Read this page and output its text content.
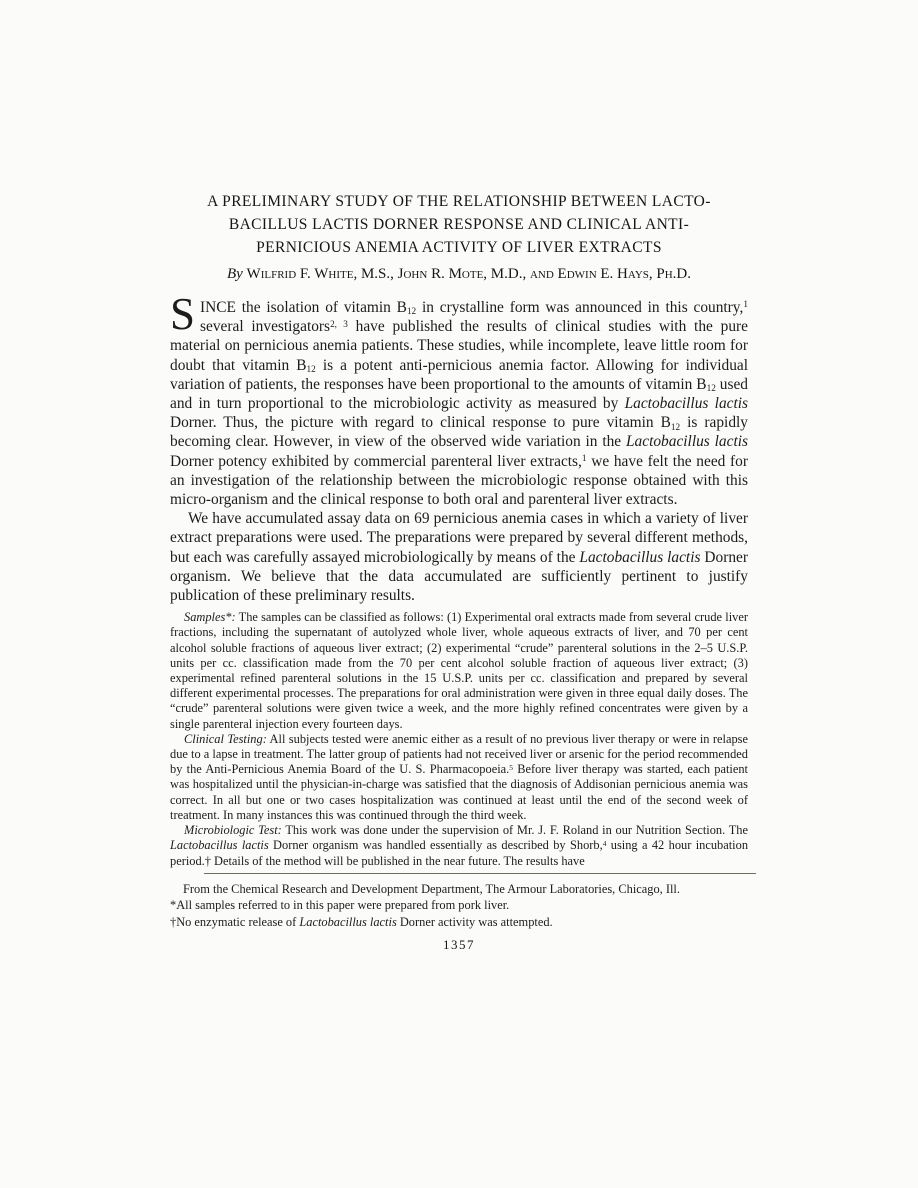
A PRELIMINARY STUDY OF THE RELATIONSHIP BETWEEN LACTO-
BACILLUS LACTIS DORNER RESPONSE AND CLINICAL ANTI-
PERNICIOUS ANEMIA ACTIVITY OF LIVER EXTRACTS
By Wilfrid F. White, M.S., John R. Mote, M.D., and Edwin E. Hays, Ph.D.

SINCE the isolation of vitamin $B_{12}$ in crystalline form was announced in this country,$^1$ several investigators$^{2, 3}$ have published the results of clinical studies with the pure material on pernicious anemia patients. These studies, while incomplete, leave little room for doubt that vitamin $B_{12}$ is a potent anti-pernicious anemia factor. Allowing for individual variation of patients, the responses have been proportional to the amounts of vitamin $B_{12}$ used and in turn proportional to the microbiologic activity as measured by Lactobacillus lactis Dorner. Thus, the picture with regard to clinical response to pure vitamin $B_{12}$ is rapidly becoming clear. However, in view of the observed wide variation in the Lactobacillus lactis Dorner potency exhibited by commercial parenteral liver extracts,$^1$ we have felt the need for an investigation of the relationship between the microbiologic response obtained with this micro-organism and the clinical response to both oral and parenteral liver extracts.

We have accumulated assay data on 69 pernicious anemia cases in which a variety of liver extract preparations were used. The preparations were prepared by several different methods, but each was carefully assayed microbiologically by means of the Lactobacillus lactis Dorner organism. We believe that the data accumulated are sufficiently pertinent to justify publication of these preliminary results.

Samples*: The samples can be classified as follows: (1) Experimental oral extracts made from several crude liver fractions, including the supernatant of autolyzed whole liver, whole aqueous extracts of liver, and 70 per cent alcohol soluble fractions of aqueous liver extract; (2) experimental “crude” parenteral solutions in the 2–5 U.S.P. units per cc. classification made from the 70 per cent alcohol soluble fraction of aqueous liver extract; (3) experimental refined parenteral solutions in the 15 U.S.P. units per cc. classification and prepared by several different experimental processes. The preparations for oral administration were given in three equal daily doses. The “crude” parenteral solutions were given twice a week, and the more highly refined concentrates were given by a single parenteral injection every fourteen days.

Clinical Testing: All subjects tested were anemic either as a result of no previous liver therapy or were in relapse due to a lapse in treatment. The latter group of patients had not received liver or arsenic for the period recommended by the Anti-Pernicious Anemia Board of the U. S. Pharmacopoeia.$^5$ Before liver therapy was started, each patient was hospitalized until the physician-in-charge was satisfied that the diagnosis of Addisonian pernicious anemia was correct. In all but one or two cases hospitalization was continued at least until the end of the second week of treatment. In many instances this was continued through the third week.

Microbiologic Test: This work was done under the supervision of Mr. J. F. Roland in our Nutrition Section. The Lactobacillus lactis Dorner organism was handled essentially as described by Shorb,$^4$ using a 42 hour incubation period.† Details of the method will be published in the near future. The results have

From the Chemical Research and Development Department, The Armour Laboratories, Chicago, Ill.

*All samples referred to in this paper were prepared from pork liver.

†No enzymatic release of Lactobacillus lactis Dorner activity was attempted.

1357
